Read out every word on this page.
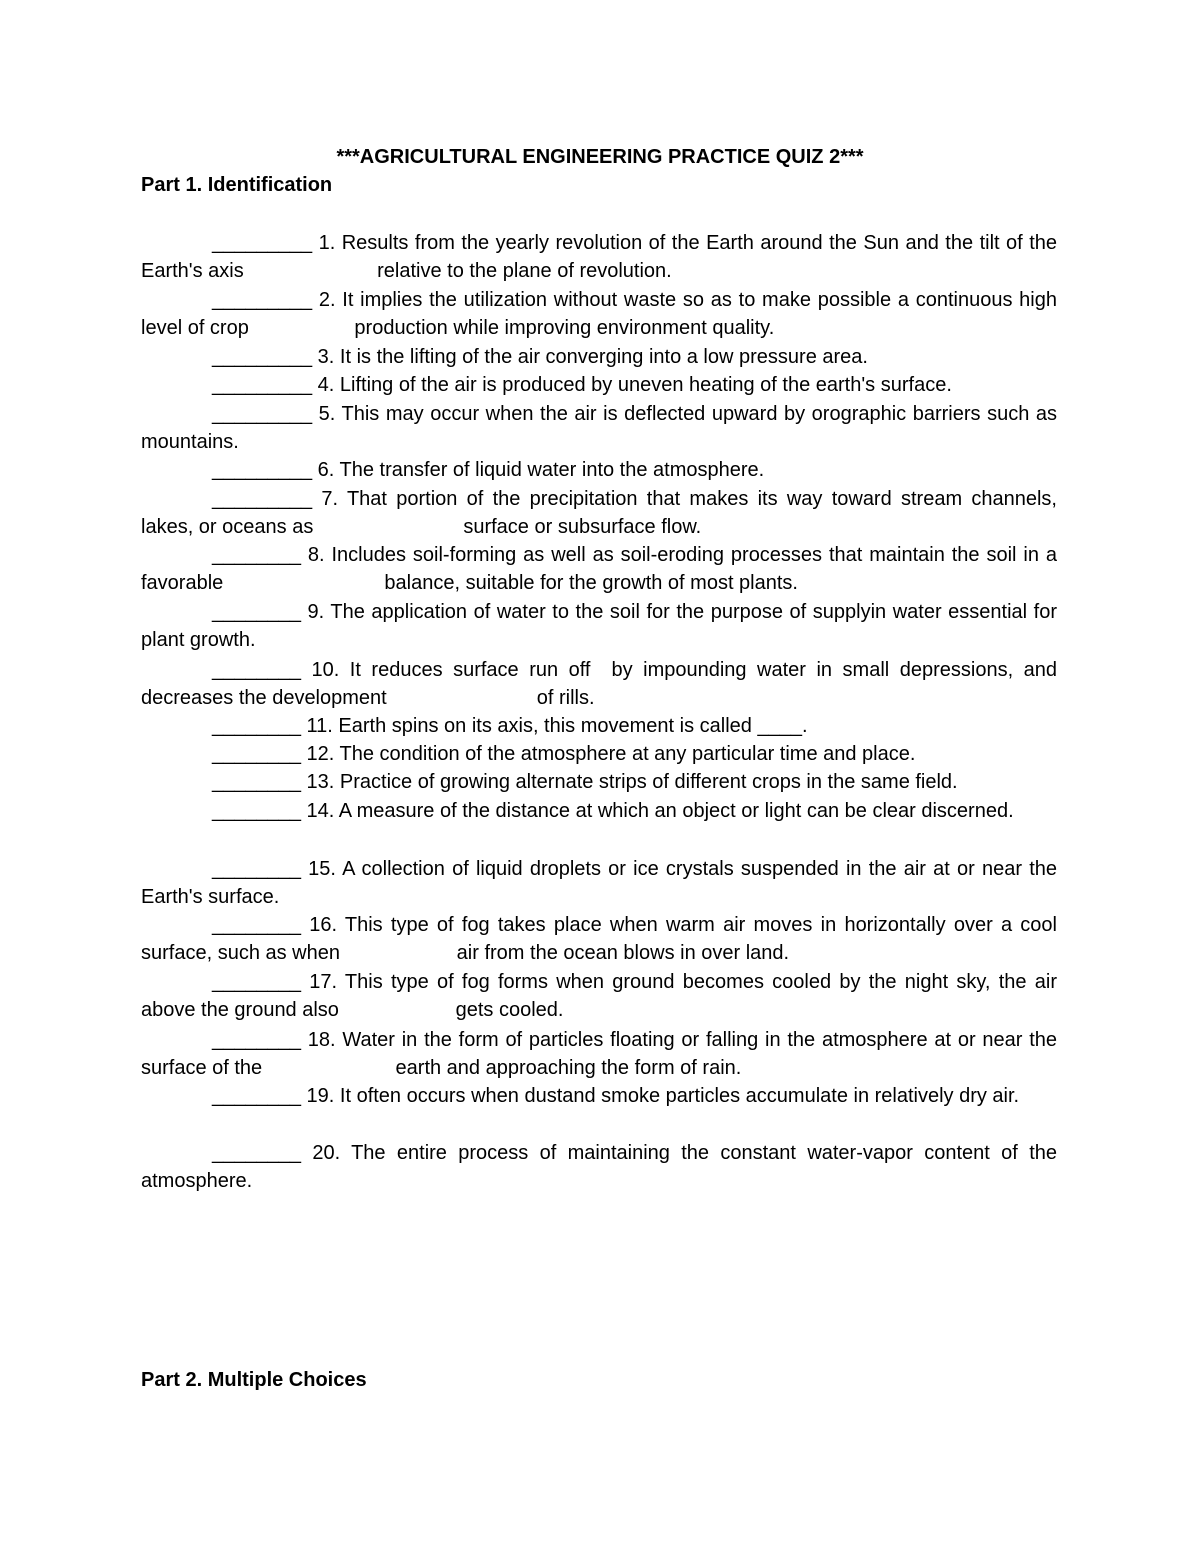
***AGRICULTURAL ENGINEERING PRACTICE QUIZ 2***
Part 1. Identification

_________ 1. Results from the yearly revolution of the Earth around the Sun and the tilt of the Earth's axis                        relative to the plane of revolution.

_________ 2. It implies the utilization without waste so as to make possible a continuous high level of crop                   production while improving environment quality.

_________ 3. It is the lifting of the air converging into a low pressure area.

_________ 4. Lifting of the air is produced by uneven heating of the earth's surface.

_________ 5. This may occur when the air is deflected upward by orographic barriers such as mountains.

_________ 6. The transfer of liquid water into the atmosphere.

_________ 7. That portion of the precipitation that makes its way toward stream channels, lakes, or oceans as                           surface or subsurface flow.

________ 8. Includes soil-forming as well as soil-eroding processes that maintain the soil in a favorable                             balance, suitable for the growth of most plants.

________ 9. The application of water to the soil for the purpose of supplyin water essential for plant growth.

________ 10. It reduces surface run off  by impounding water in small depressions, and decreases the development                           of rills.

________ 11. Earth spins on its axis, this movement is called ____.

________ 12. The condition of the atmosphere at any particular time and place.

________ 13. Practice of growing alternate strips of different crops in the same field.

________ 14. A measure of the distance at which an object or light can be clear discerned.

________ 15. A collection of liquid droplets or ice crystals suspended in the air at or near the Earth's surface.

________ 16. This type of fog takes place when warm air moves in horizontally over a cool surface, such as when                     air from the ocean blows in over land.

________ 17. This type of fog forms when ground becomes cooled by the night sky, the air above the ground also                     gets cooled.

________ 18. Water in the form of particles floating or falling in the atmosphere at or near the surface of the                        earth and approaching the form of rain.

________ 19. It often occurs when dustand smoke particles accumulate in relatively dry air.

________ 20. The entire process of maintaining the constant water-vapor content of the atmosphere.

Part 2. Multiple Choices
